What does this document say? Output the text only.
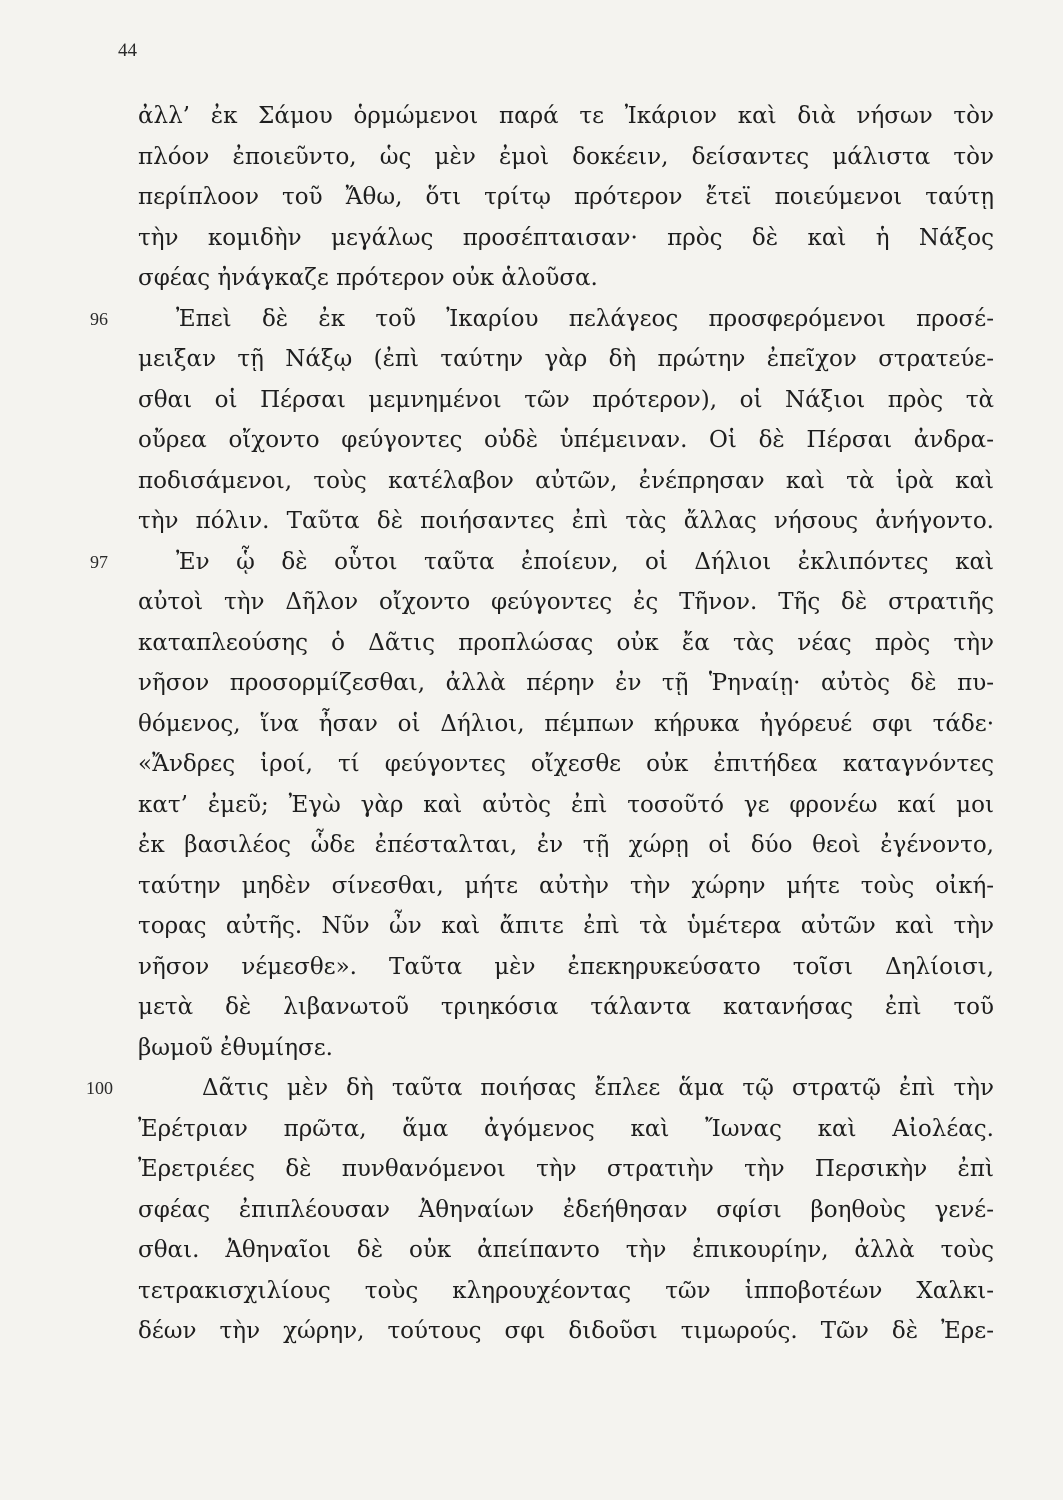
44
ἀλλ’ ἐκ Σάμου ὁρμώμενοι παρά τε Ἰκάριον καὶ διὰ νήσων τὸν
πλόον ἐποιεῦντο, ὡς μὲν ἐμοὶ δοκέειν, δείσαντες μάλιστα τὸν
περίπλοον τοῦ Ἄθω, ὅτι τρίτῳ πρότερον ἔτεϊ ποιεύμενοι ταύτῃ
τὴν κομιδὴν μεγάλως προσέπταισαν· πρὸς δὲ καὶ ἡ Νάξος
σφέας ἠνάγκαζε πρότερον οὐκ ἁλοῦσα.
96	Ἐπεὶ δὲ ἐκ τοῦ Ἰκαρίου πελάγεος προσφερόμενοι προσέ-
μειξαν τῇ Νάξῳ (ἐπὶ ταύτην γὰρ δὴ πρώτην ἐπεῖχον στρατεύε-
σθαι οἱ Πέρσαι μεμνημένοι τῶν πρότερον), οἱ Νάξιοι πρὸς τὰ
οὔρεα οἴχοντο φεύγοντες οὐδὲ ὑπέμειναν. Οἱ δὲ Πέρσαι ἀνδρα-
ποδισάμενοι, τοὺς κατέλαβον αὐτῶν, ἐνέπρησαν καὶ τὰ ἱρὰ καὶ
τὴν πόλιν. Ταῦτα δὲ ποιήσαντες ἐπὶ τὰς ἄλλας νήσους ἀνήγοντο.
97	Ἐν ᾧ δὲ οὗτοι ταῦτα ἐποίευν, οἱ Δήλιοι ἐκλιπόντες καὶ
αὐτοὶ τὴν Δῆλον οἴχοντο φεύγοντες ἐς Τῆνον. Τῆς δὲ στρατιῆς
καταπλεούσης ὁ Δᾶτις προπλώσας οὐκ ἔα τὰς νέας πρὸς τὴν
νῆσον προσορμίζεσθαι, ἀλλὰ πέρην ἐν τῇ Ῥηναίῃ· αὐτὸς δὲ πυ-
θόμενος, ἵνα ἦσαν οἱ Δήλιοι, πέμπων κήρυκα ἠγόρευέ σφι τάδε·
«Ἄνδρες ἱροί, τί φεύγοντες οἴχεσθε οὐκ ἐπιτήδεα καταγνόντες
κατ’ ἐμεῦ; Ἐγὼ γὰρ καὶ αὐτὸς ἐπὶ τοσοῦτό γε φρονέω καί μοι
ἐκ βασιλέος ὧδε ἐπέσταλται, ἐν τῇ χώρῃ οἱ δύο θεοὶ ἐγένοντο,
ταύτην μηδὲν σίνεσθαι, μήτε αὐτὴν τὴν χώρην μήτε τοὺς οἰκή-
τορας αὐτῆς. Νῦν ὦν καὶ ἄπιτε ἐπὶ τὰ ὑμέτερα αὐτῶν καὶ τὴν
νῆσον νέμεσθε». Ταῦτα μὲν ἐπεκηρυκεύσατο τοῖσι Δηλίοισι,
μετὰ δὲ λιβανωτοῦ τριηκόσια τάλαντα κατανήσας ἐπὶ τοῦ
βωμοῦ ἐθυμίησε.
100	Δᾶτις μὲν δὴ ταῦτα ποιήσας ἔπλεε ἅμα τῷ στρατῷ ἐπὶ τὴν
Ἐρέτριαν πρῶτα, ἅμα ἀγόμενος καὶ Ἴωνας καὶ Αἰολέας.
Ἐρετριέες δὲ πυνθανόμενοι τὴν στρατιὴν τὴν Περσικὴν ἐπὶ
σφέας ἐπιπλέουσαν Ἀθηναίων ἐδεήθησαν σφίσι βοηθοὺς γενέ-
σθαι. Ἀθηναῖοι δὲ οὐκ ἀπείπαντο τὴν ἐπικουρίην, ἀλλὰ τοὺς
τετρακισχιλίους τοὺς κληρουχέοντας τῶν ἱπποβοτέων Χαλκι-
δέων τὴν χώρην, τούτους σφι διδοῦσι τιμωρούς. Τῶν δὲ Ἐρε-
